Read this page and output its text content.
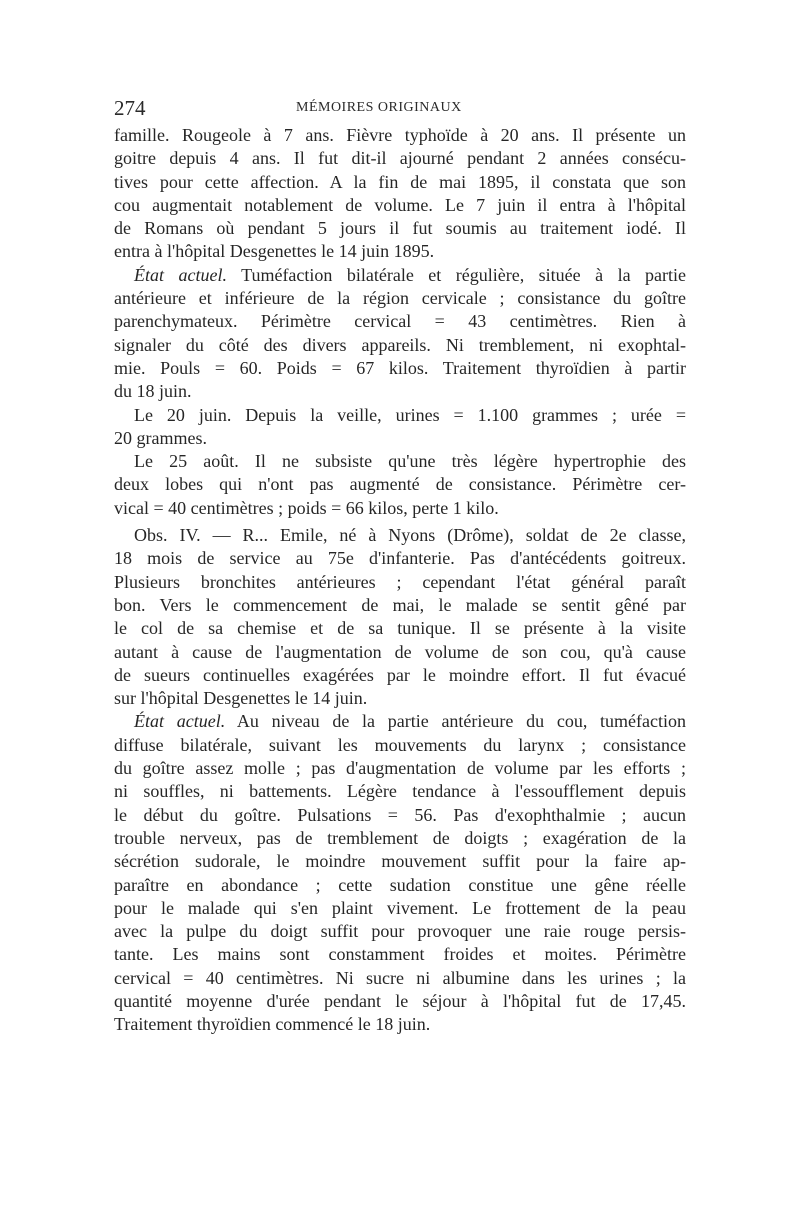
274	MÉMOIRES ORIGINAUX
famille. Rougeole à 7 ans. Fièvre typhoïde à 20 ans. Il présente un
goitre depuis 4 ans. Il fut dit-il ajourné pendant 2 années consécu-
tives pour cette affection. A la fin de mai 1895, il constata que son
cou augmentait notablement de volume. Le 7 juin il entra à l'hôpital
de Romans où pendant 5 jours il fut soumis au traitement iodé. Il
entra à l'hôpital Desgenettes le 14 juin 1895.
État actuel. Tuméfaction bilatérale et régulière, située à la partie
antérieure et inférieure de la région cervicale ; consistance du goître
parenchymateux. Périmètre cervical = 43 centimètres. Rien à
signaler du côté des divers appareils. Ni tremblement, ni exophtal-
mie. Pouls = 60. Poids = 67 kilos. Traitement thyroïdien à partir
du 18 juin.
Le 20 juin. Depuis la veille, urines = 1.100 grammes ; urée =
20 grammes.
Le 25 août. Il ne subsiste qu'une très légère hypertrophie des
deux lobes qui n'ont pas augmenté de consistance. Périmètre cer-
vical = 40 centimètres ; poids = 66 kilos, perte 1 kilo.
Obs. IV. — R... Emile, né à Nyons (Drôme), soldat de 2e classe,
18 mois de service au 75e d'infanterie. Pas d'antécédents goitreux.
Plusieurs bronchites antérieures ; cependant l'état général paraît
bon. Vers le commencement de mai, le malade se sentit gêné par
le col de sa chemise et de sa tunique. Il se présente à la visite
autant à cause de l'augmentation de volume de son cou, qu'à cause
de sueurs continuelles exagérées par le moindre effort. Il fut évacué
sur l'hôpital Desgenettes le 14 juin.
État actuel. Au niveau de la partie antérieure du cou, tuméfaction
diffuse bilatérale, suivant les mouvements du larynx ; consistance
du goître assez molle ; pas d'augmentation de volume par les efforts ;
ni souffles, ni battements. Légère tendance à l'essoufflement depuis
le début du goître. Pulsations = 56. Pas d'exophthalmie ; aucun
trouble nerveux, pas de tremblement de doigts ; exagération de la
sécrétion sudorale, le moindre mouvement suffit pour la faire ap-
paraître en abondance ; cette sudation constitue une gêne réelle
pour le malade qui s'en plaint vivement. Le frottement de la peau
avec la pulpe du doigt suffit pour provoquer une raie rouge persis-
tante. Les mains sont constamment froides et moites. Périmètre
cervical = 40 centimètres. Ni sucre ni albumine dans les urines ; la
quantité moyenne d'urée pendant le séjour à l'hôpital fut de 17,45.
Traitement thyroïdien commencé le 18 juin.
